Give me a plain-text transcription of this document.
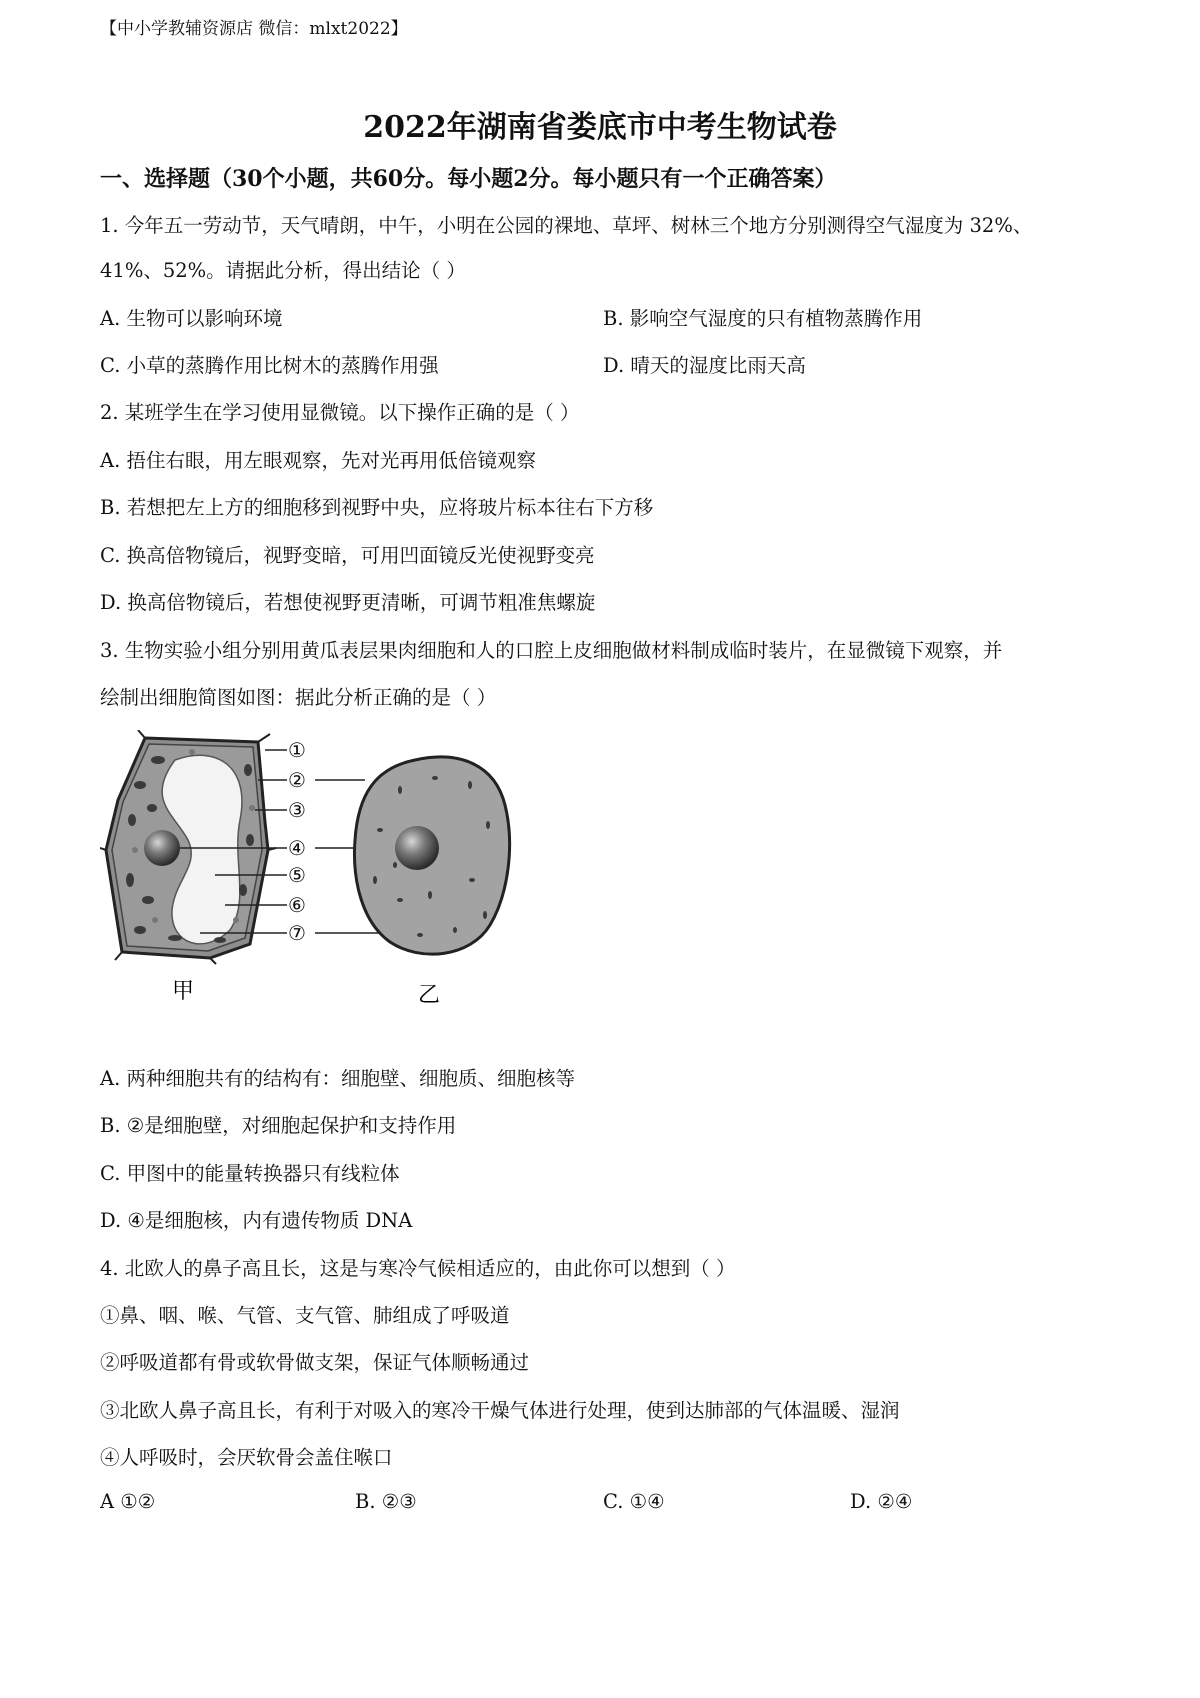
【中小学教辅资源店 微信：mlxt2022】
2022年湖南省娄底市中考生物试卷
一、选择题（30个小题，共60分。每小题2分。每小题只有一个正确答案）
1. 今年五一劳动节，天气晴朗，中午，小明在公园的裸地、草坪、树林三个地方分别测得空气湿度为 32%、
41%、52%。请据此分析，得出结论（ ）
A. 生物可以影响环境	B. 影响空气湿度的只有植物蒸腾作用
C. 小草的蒸腾作用比树木的蒸腾作用强	D. 晴天的湿度比雨天高
2. 某班学生在学习使用显微镜。以下操作正确的是（ ）
A. 捂住右眼，用左眼观察，先对光再用低倍镜观察
B. 若想把左上方的细胞移到视野中央，应将玻片标本往右下方移
C. 换高倍物镜后，视野变暗，可用凹面镜反光使视野变亮
D. 换高倍物镜后，若想使视野更清晰，可调节粗准焦螺旋
3. 生物实验小组分别用黄瓜表层果肉细胞和人的口腔上皮细胞做材料制成临时装片，在显微镜下观察，并
绘制出细胞简图如图：据此分析正确的是（ ）
①
②
③
④
⑤
⑥
⑦
甲	乙
A. 两种细胞共有的结构有：细胞壁、细胞质、细胞核等
B. ②是细胞壁，对细胞起保护和支持作用
C. 甲图中的能量转换器只有线粒体
D. ④是细胞核，内有遗传物质 DNA
4. 北欧人的鼻子高且长，这是与寒冷气候相适应的，由此你可以想到（ ）
①鼻、咽、喉、气管、支气管、肺组成了呼吸道
②呼吸道都有骨或软骨做支架，保证气体顺畅通过
③北欧人鼻子高且长，有利于对吸入的寒冷干燥气体进行处理，使到达肺部的气体温暖、湿润
④人呼吸时，会厌软骨会盖住喉口
A ①②	B. ②③	C. ①④	D. ②④
